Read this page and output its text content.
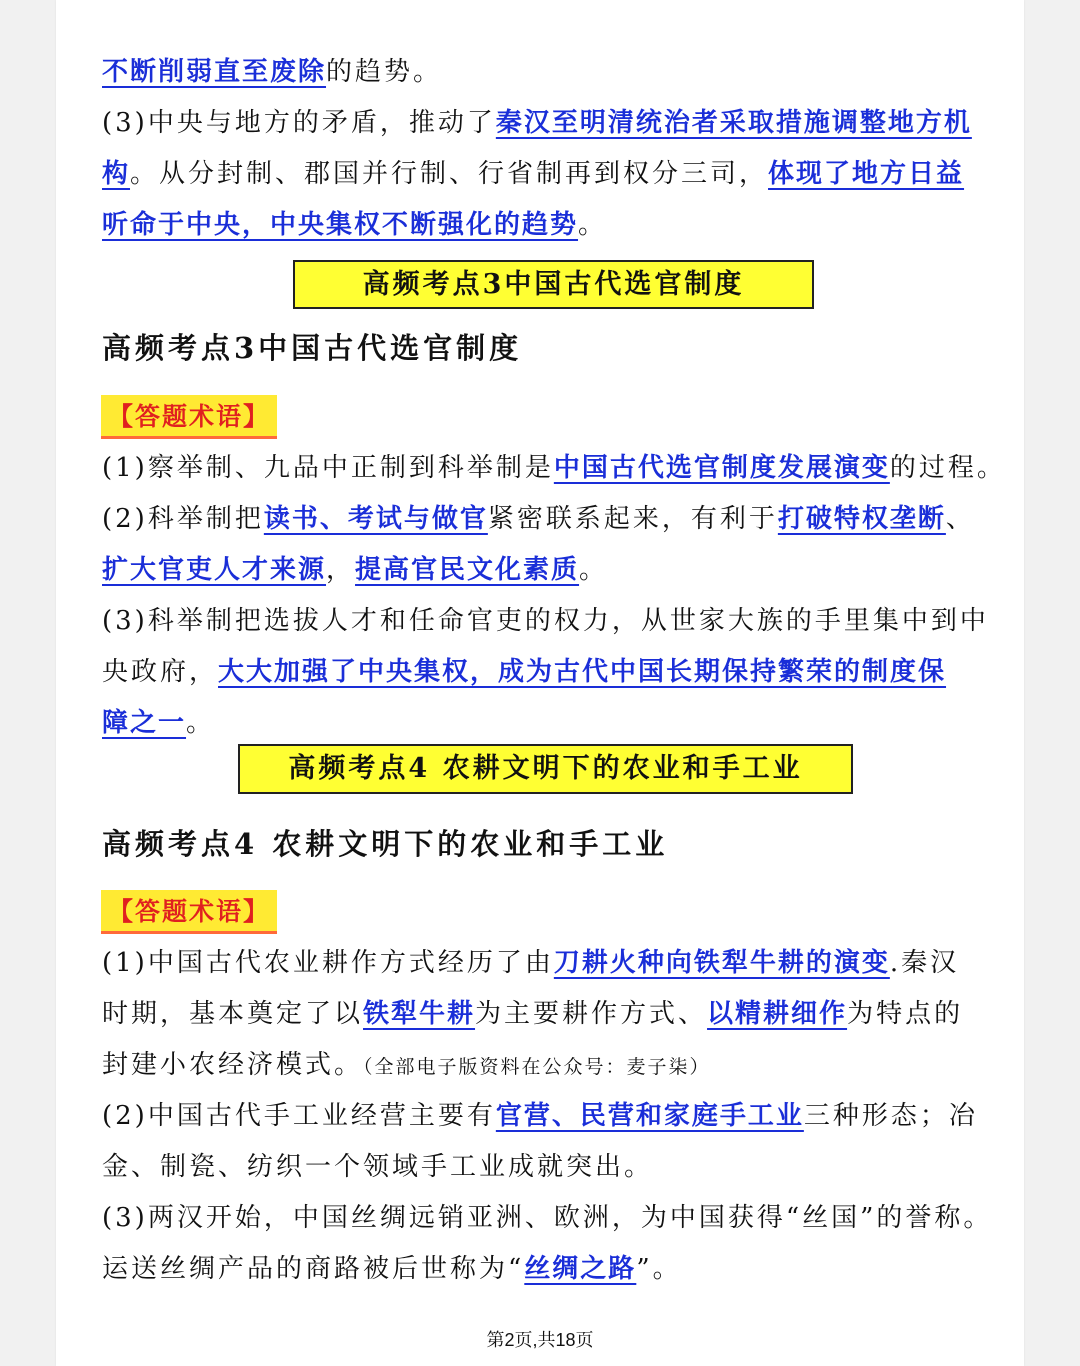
不断削弱直至废除的趋势。
(3)中央与地方的矛盾，推动了秦汉至明清统治者采取措施调整地方机
构。从分封制、郡国并行制、行省制再到权分三司，体现了地方日益
听命于中央，中央集权不断强化的趋势。
高频考点3中国古代选官制度
高频考点3中国古代选官制度
【答题术语】
(1)察举制、九品中正制到科举制是中国古代选官制度发展演变的过程。
(2)科举制把读书、考试与做官紧密联系起来，有利于打破特权垄断、
扩大官吏人才来源，提高官民文化素质。
(3)科举制把选拔人才和任命官吏的权力，从世家大族的手里集中到中
央政府，大大加强了中央集权，成为古代中国长期保持繁荣的制度保
障之一。
高频考点4 农耕文明下的农业和手工业
高频考点4 农耕文明下的农业和手工业
【答题术语】
(1)中国古代农业耕作方式经历了由刀耕火种向铁犁牛耕的演变.秦汉
时期，基本奠定了以铁犁牛耕为主要耕作方式、以精耕细作为特点的
封建小农经济模式。（全部电子版资料在公众号：麦子柒）
(2)中国古代手工业经营主要有官营、民营和家庭手工业三种形态；冶
金、制瓷、纺织一个领域手工业成就突出。
(3)两汉开始，中国丝绸远销亚洲、欧洲，为中国获得“丝国”的誉称。
运送丝绸产品的商路被后世称为“丝绸之路”。
第2页,共18页
